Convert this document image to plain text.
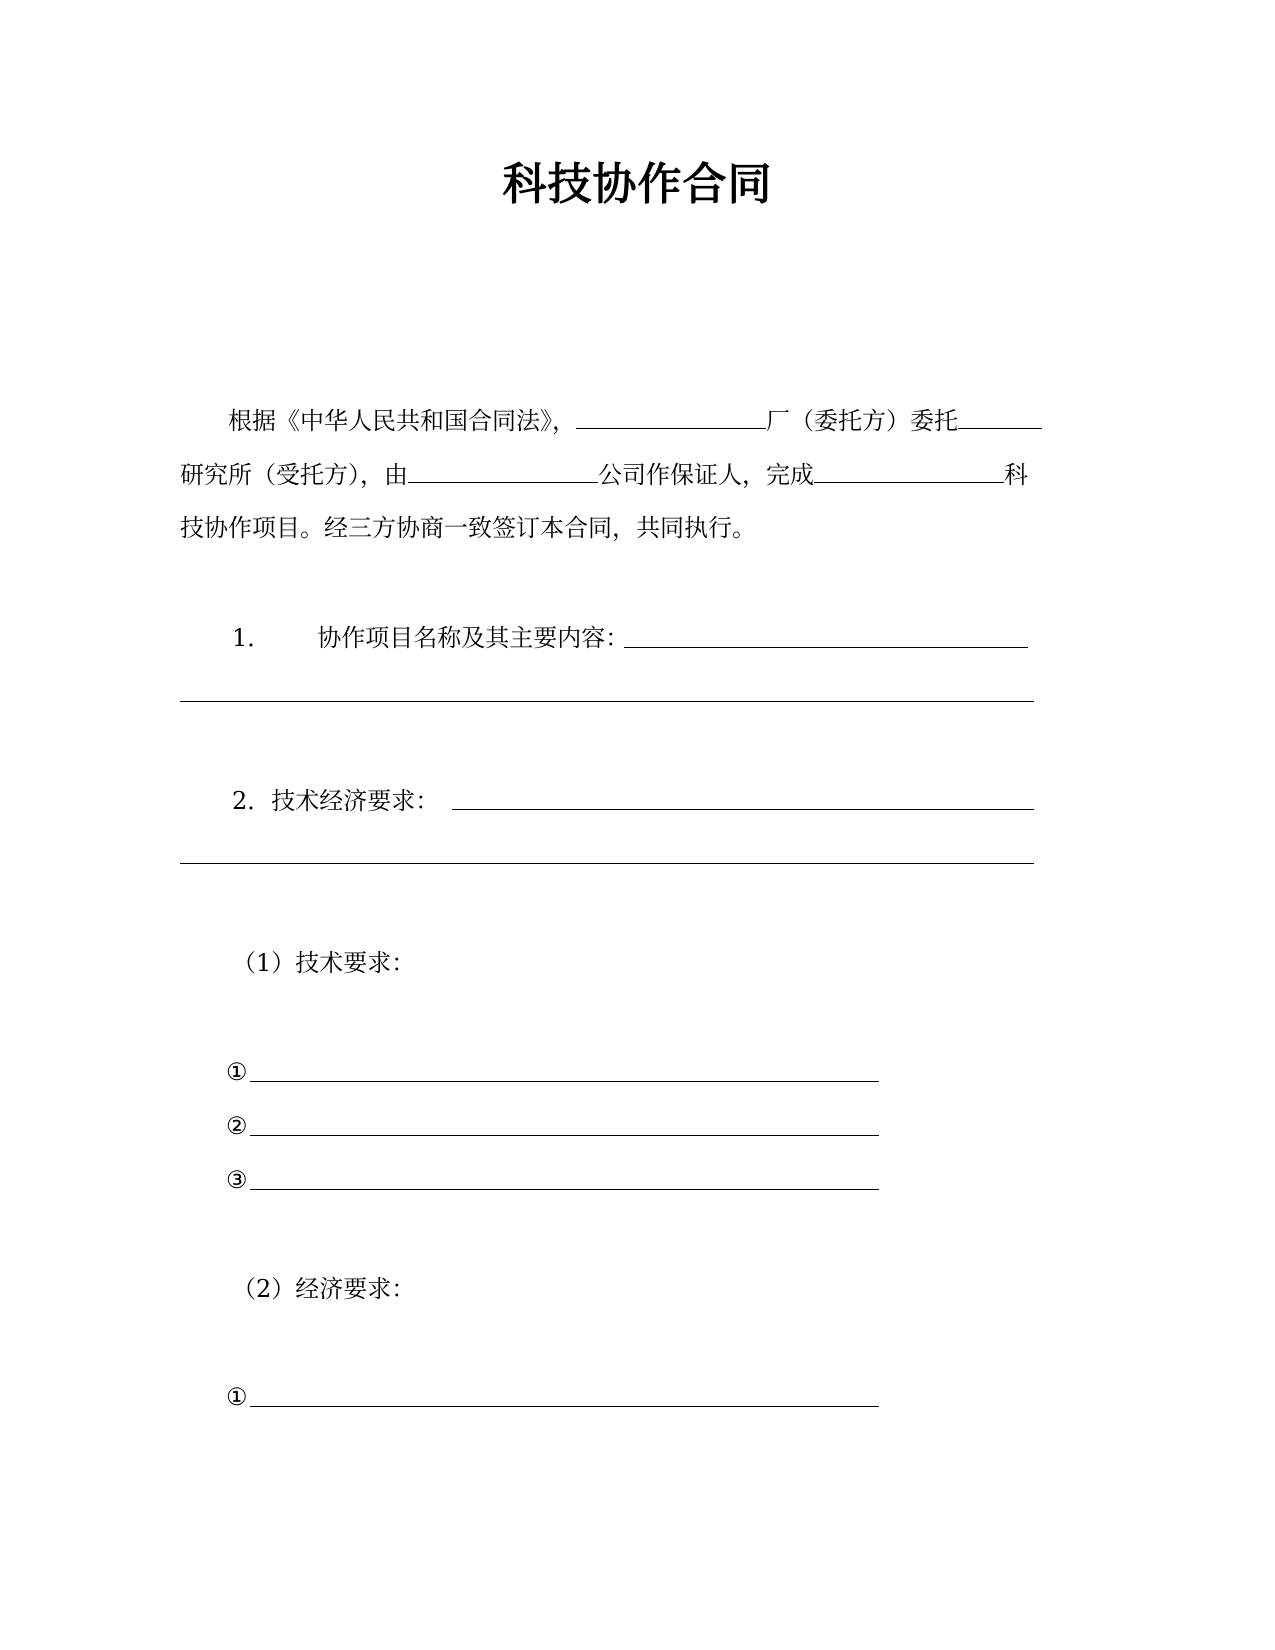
科技协作合同
根据《中华人民共和国合同法》，	厂（委托方）委托
研究所（受托方），由	公司作保证人，完成	科
技协作项目。经三方协商一致签订本合同，共同执行。
1． 协作项目名称及其主要内容：
2．技术经济要求：
（1）技术要求：
①
②
③
（2）经济要求：
①
